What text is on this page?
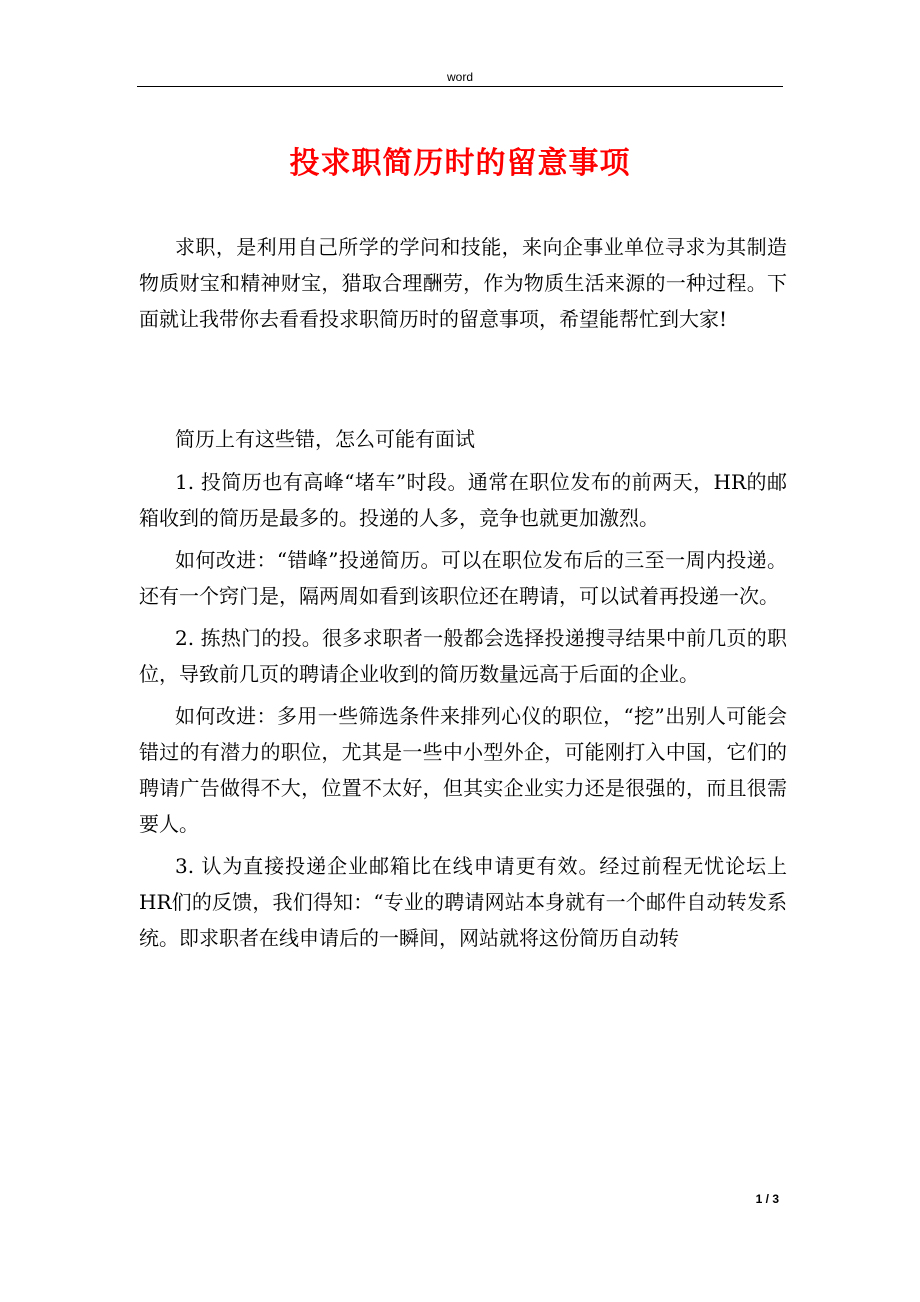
word
投求职简历时的留意事项

求职，是利用自己所学的学问和技能，来向企事业单位寻求为其制造物质财宝和精神财宝，猎取合理酬劳，作为物质生活来源的一种过程。下面就让我带你去看看投求职简历时的留意事项，希望能帮忙到大家!

简历上有这些错，怎么可能有面试

1. 投简历也有高峰“堵车”时段。通常在职位发布的前两天，HR的邮箱收到的简历是最多的。投递的人多，竞争也就更加激烈。

如何改进：“错峰”投递简历。可以在职位发布后的三至一周内投递。还有一个窍门是，隔两周如看到该职位还在聘请，可以试着再投递一次。

2. 拣热门的投。很多求职者一般都会选择投递搜寻结果中前几页的职位，导致前几页的聘请企业收到的简历数量远高于后面的企业。

如何改进：多用一些筛选条件来排列心仪的职位，“挖”出别人可能会错过的有潜力的职位，尤其是一些中小型外企，可能刚打入中国，它们的聘请广告做得不大，位置不太好，但其实企业实力还是很强的，而且很需要人。

3. 认为直接投递企业邮箱比在线申请更有效。经过前程无忧论坛上HR们的反馈，我们得知：“专业的聘请网站本身就有一个邮件自动转发系统。即求职者在线申请后的一瞬间，网站就将这份简历自动转

1 / 3
